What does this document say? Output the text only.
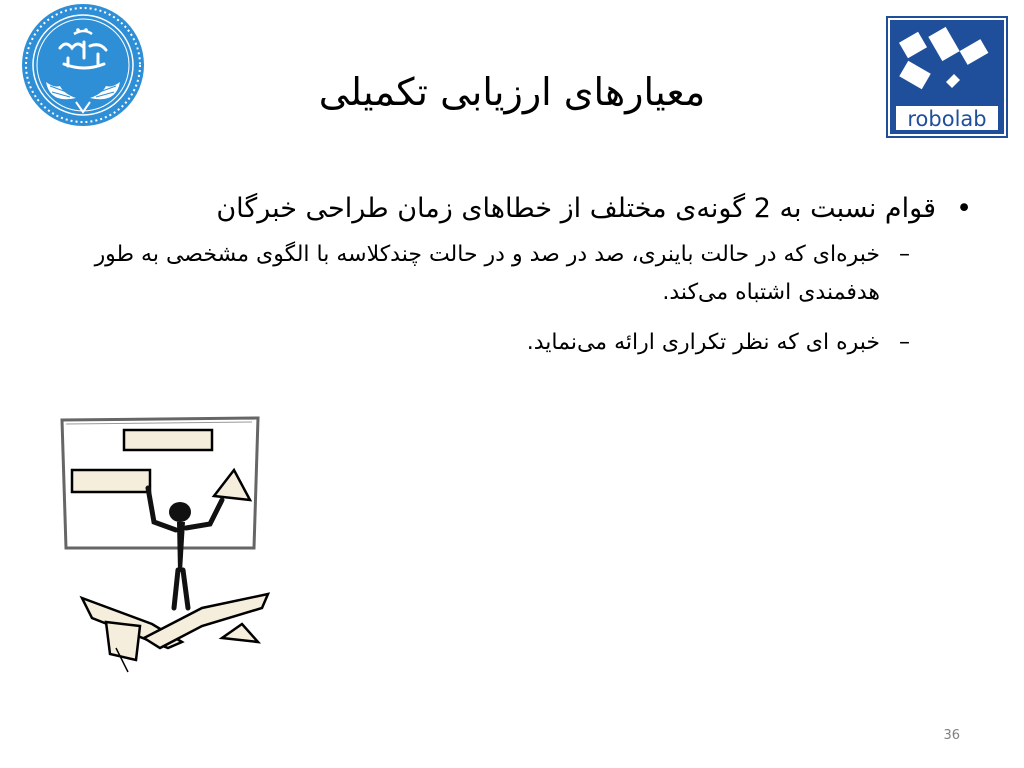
robolab
معیارهای ارزیابی تکمیلی
•
قوام نسبت به 2 گونه‌ی مختلف از خطاهای زمان طراحی خبرگان
–
خبره‌ای که در حالت باینری، صد در صد و در حالت چندکلاسه با الگوی مشخصی به طور هدفمندی اشتباه می‌کند.
–
خبره ای که نظر تکراری ارائه می‌نماید.
36
